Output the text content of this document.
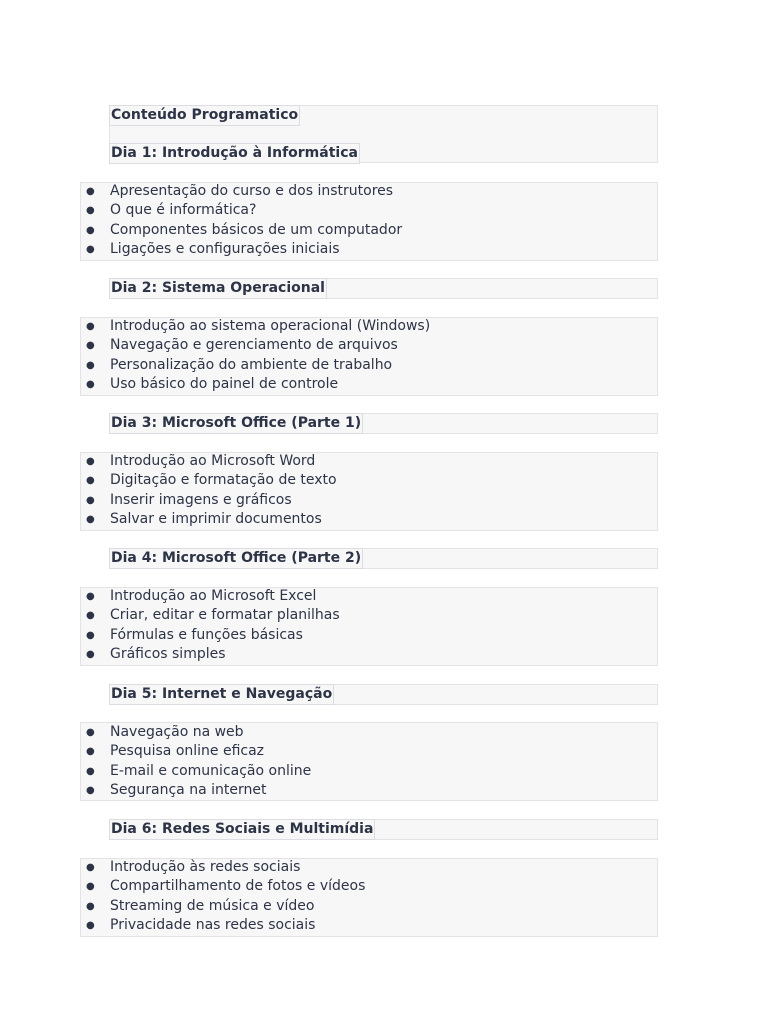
Conteúdo Programatico
Dia 1: Introdução à Informática
● Apresentação do curso e dos instrutores
● O que é informática?
● Componentes básicos de um computador
● Ligações e configurações iniciais
Dia 2: Sistema Operacional
● Introdução ao sistema operacional (Windows)
● Navegação e gerenciamento de arquivos
● Personalização do ambiente de trabalho
● Uso básico do painel de controle
Dia 3: Microsoft Office (Parte 1)
● Introdução ao Microsoft Word
● Digitação e formatação de texto
● Inserir imagens e gráficos
● Salvar e imprimir documentos
Dia 4: Microsoft Office (Parte 2)
● Introdução ao Microsoft Excel
● Criar, editar e formatar planilhas
● Fórmulas e funções básicas
● Gráficos simples
Dia 5: Internet e Navegação
● Navegação na web
● Pesquisa online eficaz
● E-mail e comunicação online
● Segurança na internet
Dia 6: Redes Sociais e Multimídia
● Introdução às redes sociais
● Compartilhamento de fotos e vídeos
● Streaming de música e vídeo
● Privacidade nas redes sociais
